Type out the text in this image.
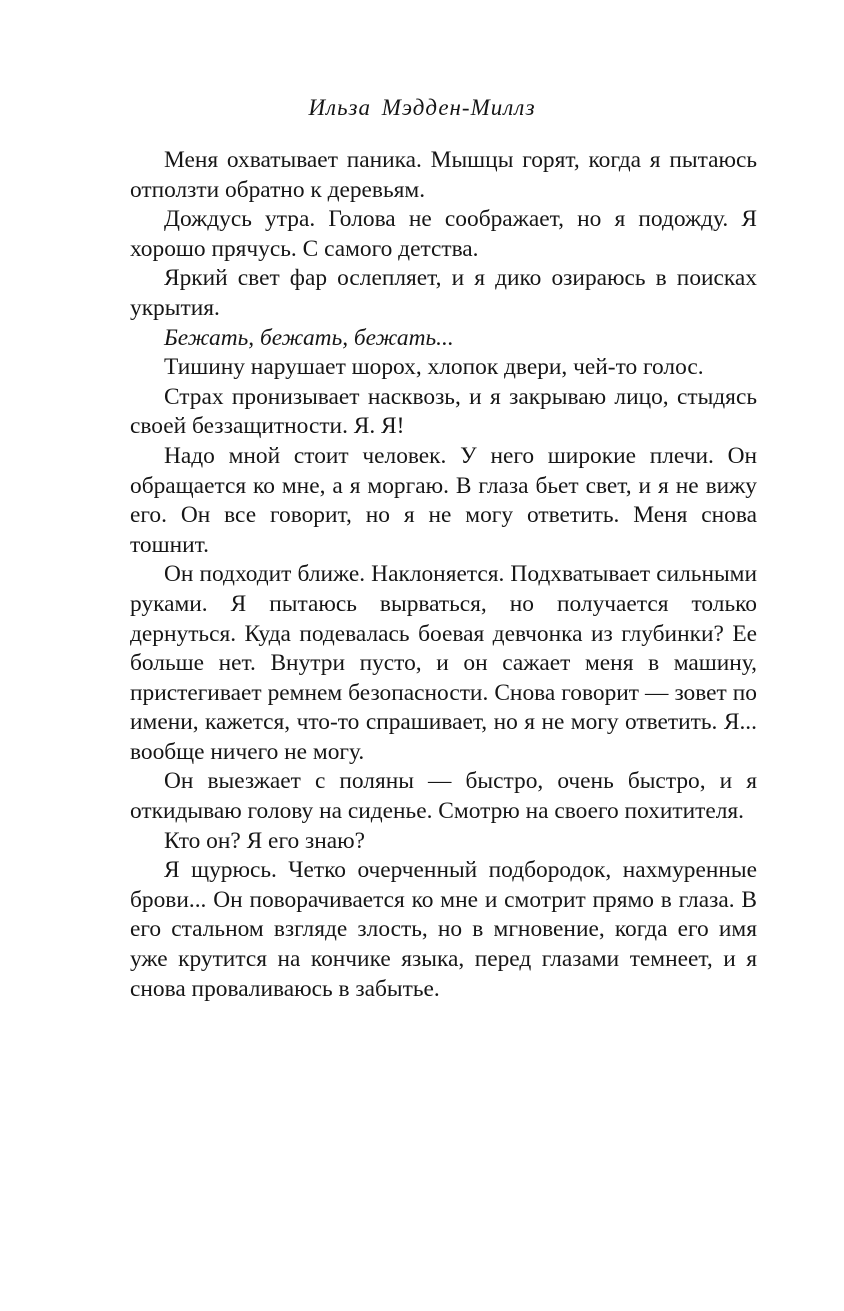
Ильза Мэдден-Миллз

Меня охватывает паника. Мышцы горят, когда я пытаюсь отползти обратно к деревьям.

Дождусь утра. Голова не соображает, но я подожду. Я хорошо прячусь. С самого детства.

Яркий свет фар ослепляет, и я дико озираюсь в поисках укрытия.

Бежать, бежать, бежать...

Тишину нарушает шорох, хлопок двери, чей-то голос.

Страх пронизывает насквозь, и я закрываю лицо, стыдясь своей беззащитности. Я. Я!

Надо мной стоит человек. У него широкие плечи. Он обращается ко мне, а я моргаю. В глаза бьет свет, и я не вижу его. Он все говорит, но я не могу ответить. Меня снова тошнит.

Он подходит ближе. Наклоняется. Подхватывает сильными руками. Я пытаюсь вырваться, но получается только дернуться. Куда подевалась боевая девчонка из глубинки? Ее больше нет. Внутри пусто, и он сажает меня в машину, пристегивает ремнем безопасности. Снова говорит — зовет по имени, кажется, что-то спрашивает, но я не могу ответить. Я... вообще ничего не могу.

Он выезжает с поляны — быстро, очень быстро, и я откидываю голову на сиденье. Смотрю на своего похитителя.

Кто он? Я его знаю?

Я щурюсь. Четко очерченный подбородок, нахмуренные брови... Он поворачивается ко мне и смотрит прямо в глаза. В его стальном взгляде злость, но в мгновение, когда его имя уже крутится на кончике языка, перед глазами темнеет, и я снова проваливаюсь в забытье.
